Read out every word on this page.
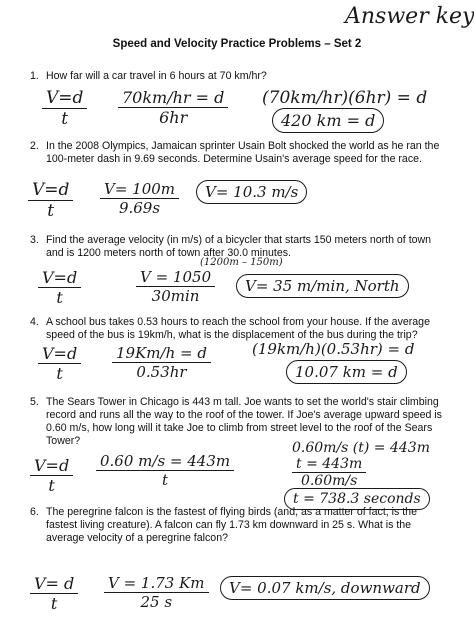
Answer key
Speed and Velocity Practice Problems – Set 2
1. How far will a car travel in 6 hours at 70 km/hr?
$\frac{V=d}{t} \frac{70km/hr = d}{6hr} (70km/hr)(6hr) = d$
420 km = d
2. In the 2008 Olympics, Jamaican sprinter Usain Bolt shocked the world as he ran the 100-meter dash in 9.69 seconds. Determine Usain's average speed for the race.
$\frac{V=d}{t} \frac{V= 100m}{9.69s}$	V= 10.3 m/s
3. Find the average velocity (in m/s) of a bicycler that starts 150 meters north of town and is 1200 meters north of town after 30.0 minutes.
(1200m – 150m)
$\frac{V=d}{t}$	V = 1050
30min
V= 35 m/min, North
4. A school bus takes 0.53 hours to reach the school from your house. If the average speed of the bus is 19km/h, what is the displacement of the bus during the trip?
$\frac{V=d}{t} \frac{19Km/h = d}{0.53hr}$	(19km/h)(0.53hr) = d
10.07 km = d
5. The Sears Tower in Chicago is 443 m tall. Joe wants to set the world's stair climbing record and runs all the way to the roof of the tower. If Joe's average upward speed is 0.60 m/s, how long will it take Joe to climb from street level to the roof of the Sears Tower?
$\frac{V=d}{t} \frac{0.60 m/s = 443m}{t}$
0.60m/s (t) = 443m
$\frac{t = 443m}{0.60m/s}$
t = 738.3 seconds
6. The peregrine falcon is the fastest of flying birds (and, as a matter of fact, is the fastest living creature). A falcon can fly 1.73 km downward in 25 s. What is the average velocity of a peregrine falcon?
$\frac{V= d}{t} \frac{V = 1.73 Km}{25 s}$	V= 0.07 km/s, downward
